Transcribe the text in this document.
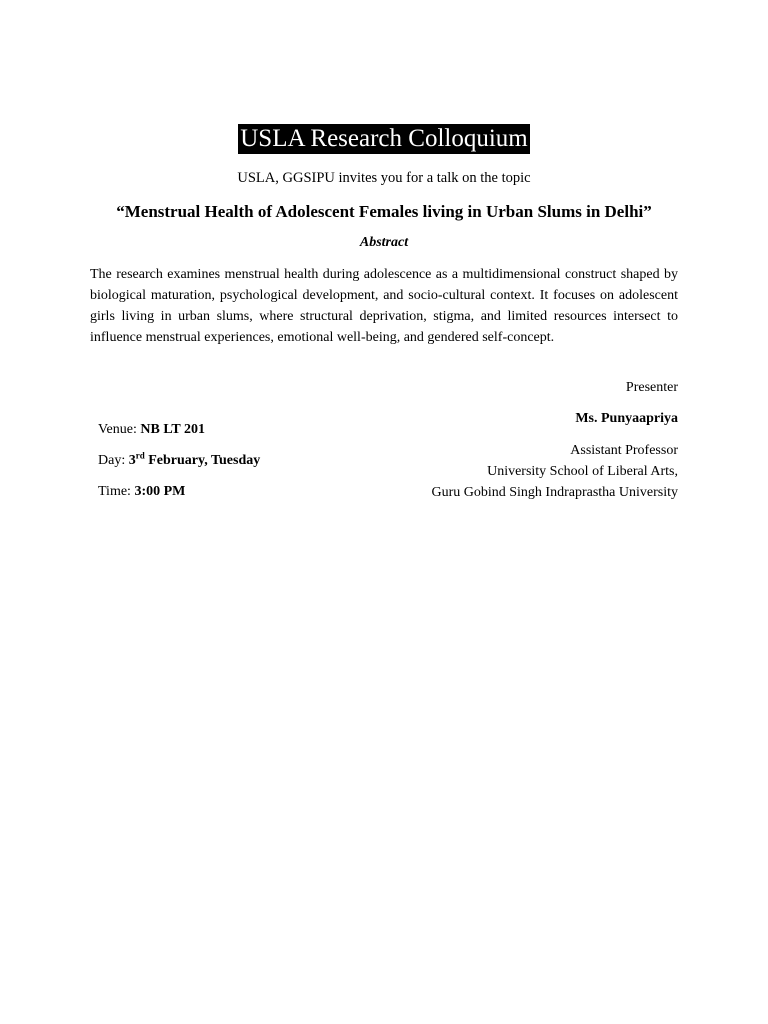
USLA Research Colloquium
USLA, GGSIPU invites you for a talk on the topic
“Menstrual Health of Adolescent Females living in Urban Slums in Delhi”
Abstract
The research examines menstrual health during adolescence as a multidimensional construct shaped by biological maturation, psychological development, and socio-cultural context. It focuses on adolescent girls living in urban slums, where structural deprivation, stigma, and limited resources intersect to influence menstrual experiences, emotional well-being, and gendered self-concept.
Presenter
Ms. Punyaapriya
Assistant Professor
University School of Liberal Arts,
Guru Gobind Singh Indraprastha University
Venue: NB LT 201
Day: 3rd February, Tuesday
Time: 3:00 PM
